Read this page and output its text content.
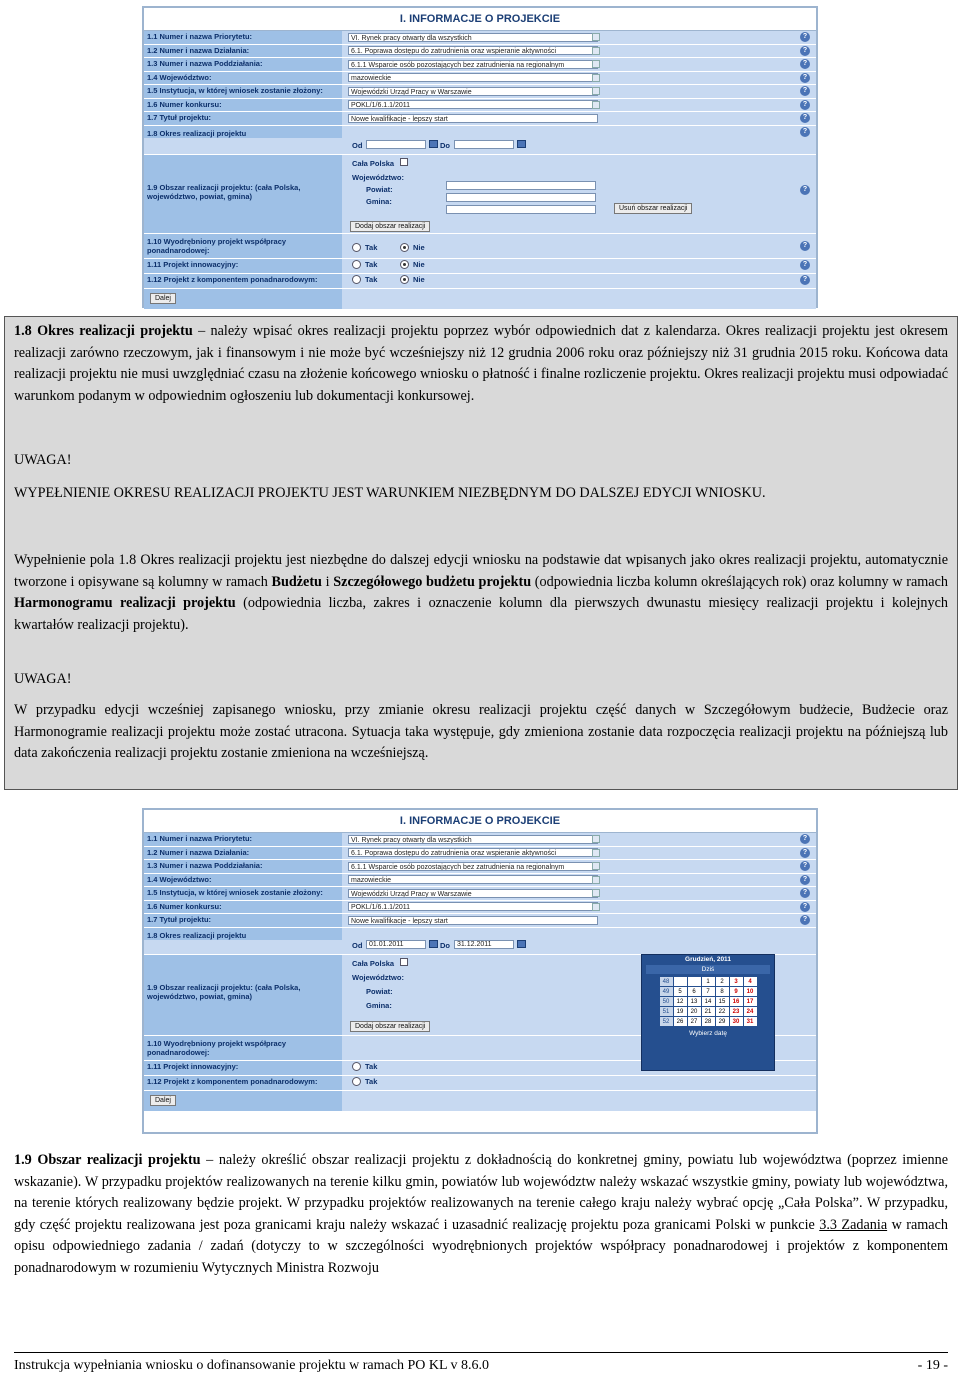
I. INFORMACJE O PROJEKCIE
1.1 Numer i nazwa Priorytetu:	VI. Rynek pracy otwarty dla wszystkich	?
1.2 Numer i nazwa Działania:	6.1. Poprawa dostępu do zatrudnienia oraz wspieranie aktywności	?
1.3 Numer i nazwa Poddziałania:	6.1.1 Wsparcie osób pozostających bez zatrudnienia na regionalnym	?
1.4 Województwo:	mazowieckie	?
1.5 Instytucja, w której wniosek zostanie złożony:	Wojewódzki Urząd Pracy w Warszawie	?
1.6 Numer konkursu:	POKL/1/6.1.1/2011	?
1.7 Tytuł projektu:	Nowe kwalifikacje - lepszy start	?
1.8 Okres realizacji projektu
Od	Do
?
1.9 Obszar realizacji projektu: (cała Polska, województwo, powiat, gmina)
Cała Polska
Województwo:
Powiat:
Gmina:
Usuń obszar realizacji
Dodaj obszar realizacji
?
1.10 Wyodrębniony projekt współpracy ponadnarodowej:	Tak	Nie	?
1.11 Projekt innowacyjny:	Tak	Nie	?
1.12 Projekt z komponentem ponadnarodowym:	Tak	Nie	?
Dalej
1.8 Okres realizacji projektu – należy wpisać okres realizacji projektu poprzez wybór odpowiednich dat z kalendarza. Okres realizacji projektu jest okresem realizacji zarówno rzeczowym, jak i finansowym i nie może być wcześniejszy niż 12 grudnia 2006 roku oraz późniejszy niż 31 grudnia 2015 roku. Końcowa data realizacji projektu nie musi uwzględniać czasu na złożenie końcowego wniosku o płatność i finalne rozliczenie projektu. Okres realizacji projektu musi odpowiadać warunkom podanym w odpowiednim ogłoszeniu lub dokumentacji konkursowej.
UWAGA!
WYPEŁNIENIE OKRESU REALIZACJI PROJEKTU JEST WARUNKIEM NIEZBĘDNYM DO DALSZEJ EDYCJI WNIOSKU.
Wypełnienie pola 1.8 Okres realizacji projektu jest niezbędne do dalszej edycji wniosku na podstawie dat wpisanych jako okres realizacji projektu, automatycznie tworzone i opisywane są kolumny w ramach Budżetu i Szczegółowego budżetu projektu (odpowiednia liczba kolumn określających rok) oraz kolumny w ramach Harmonogramu realizacji projektu (odpowiednia liczba, zakres i oznaczenie kolumn dla pierwszych dwunastu miesięcy realizacji projektu i kolejnych kwartałów realizacji projektu).
UWAGA!
W przypadku edycji wcześniej zapisanego wniosku, przy zmianie okresu realizacji projektu część danych w Szczegółowym budżecie, Budżecie oraz Harmonogramie realizacji projektu może zostać utracona. Sytuacja taka występuje, gdy zmieniona zostanie data rozpoczęcia realizacji projektu na późniejszą lub data zakończenia realizacji projektu zostanie zmieniona na wcześniejszą.
I. INFORMACJE O PROJEKCIE
1.1 Numer i nazwa Priorytetu:	VI. Rynek pracy otwarty dla wszystkich	?
1.2 Numer i nazwa Działania:	6.1. Poprawa dostępu do zatrudnienia oraz wspieranie aktywności	?
1.3 Numer i nazwa Poddziałania:	6.1.1 Wsparcie osób pozostających bez zatrudnienia na regionalnym	?
1.4 Województwo:	mazowieckie	?
1.5 Instytucja, w której wniosek zostanie złożony:	Wojewódzki Urząd Pracy w Warszawie	?
1.6 Numer konkursu:	POKL/1/6.1.1/2011	?
1.7 Tytuł projektu:	Nowe kwalifikacje - lepszy start	?
1.8 Okres realizacji projektu
Od 01.01.2011	Do	31.12.2011
1.9 Obszar realizacji projektu: (cała Polska, województwo, powiat, gmina)
Cała Polska
Województwo:
Powiat:
Gmina:
Dodaj obszar realizacji
1.10 Wyodrębniony projekt współpracy ponadnarodowej:
1.11 Projekt innowacyjny:	Tak
1.12 Projekt z komponentem ponadnarodowym:	Tak
Dalej
Grudzień, 2011
Dziś
48			1	2	3	4
49	5	6	7	8	9	10
50	12	13	14	15	16	17
51	19	20	21	22	23	24
52	26	27	28	29	30	31
Wybierz datę
1.9 Obszar realizacji projektu – należy określić obszar realizacji projektu z dokładnością do konkretnej gminy, powiatu lub województwa (poprzez imienne wskazanie). W przypadku projektów realizowanych na terenie kilku gmin, powiatów lub województw należy wskazać wszystkie gminy, powiaty lub województwa, na terenie których realizowany będzie projekt. W przypadku projektów realizowanych na terenie całego kraju należy wybrać opcję „Cała Polska”. W przypadku, gdy część projektu realizowana jest poza granicami kraju należy wskazać i uzasadnić realizację projektu poza granicami Polski w punkcie 3.3 Zadania w ramach opisu odpowiedniego zadania / zadań (dotyczy to w szczególności wyodrębnionych projektów współpracy ponadnarodowej i projektów z komponentem ponadnarodowym w rozumieniu Wytycznych Ministra Rozwoju
Instrukcja wypełniania wniosku o dofinansowanie projektu w ramach PO KL v 8.6.0	- 19 -
